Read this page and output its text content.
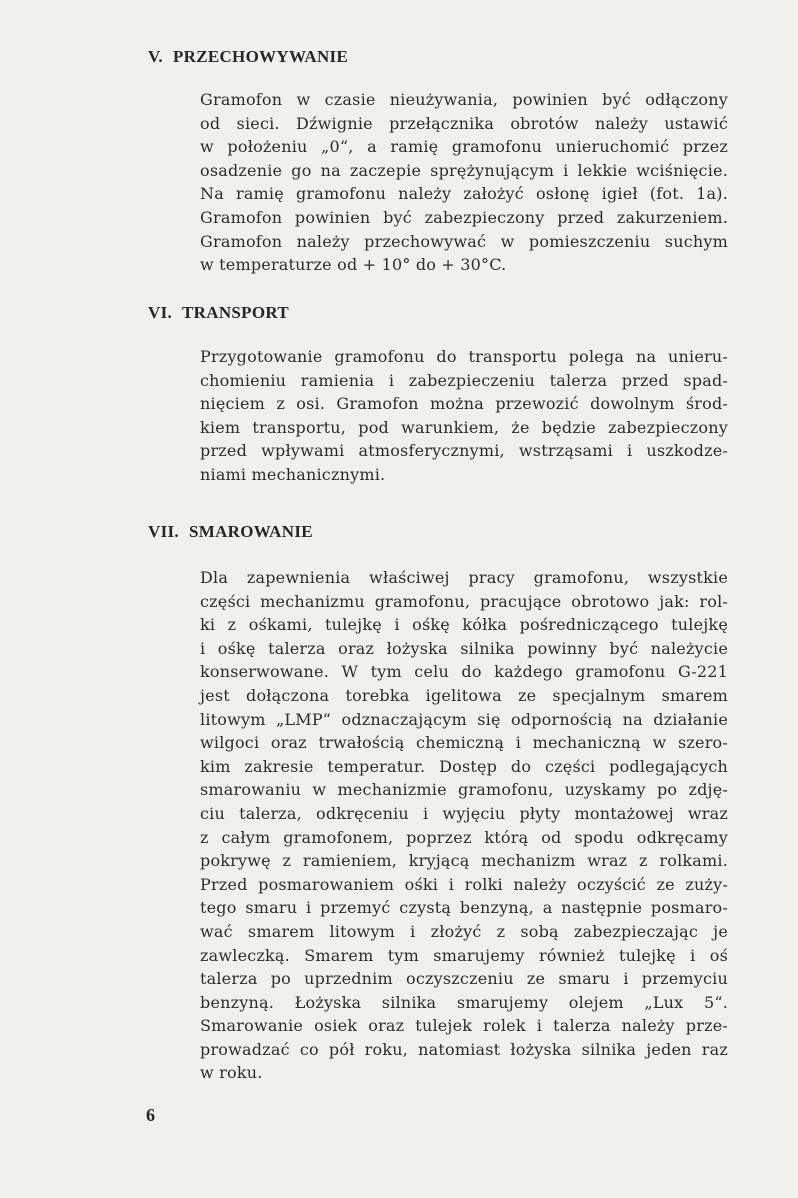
V. PRZECHOWYWANIE
Gramofon w czasie nieużywania, powinien być odłączony
od sieci. Dźwignie przełącznika obrotów należy ustawić
w położeniu „0“, a ramię gramofonu unieruchomić przez
osadzenie go na zaczepie sprężynującym i lekkie wciśnięcie.
Na ramię gramofonu należy założyć osłonę igieł (fot. 1a).
Gramofon powinien być zabezpieczony przed zakurzeniem.
Gramofon należy przechowywać w pomieszczeniu suchym
w temperaturze od + 10° do + 30°C.
VI. TRANSPORT
Przygotowanie gramofonu do transportu polega na unieru-
chomieniu ramienia i zabezpieczeniu talerza przed spad-
nięciem z osi. Gramofon można przewozić dowolnym środ-
kiem transportu, pod warunkiem, że będzie zabezpieczony
przed wpływami atmosferycznymi, wstrząsami i uszkodze-
niami mechanicznymi.
VII. SMAROWANIE
Dla zapewnienia właściwej pracy gramofonu, wszystkie
części mechanizmu gramofonu, pracujące obrotowo jak: rol-
ki z ośkami, tulejkę i ośkę kółka pośredniczącego tulejkę
i ośkę talerza oraz łożyska silnika powinny być należycie
konserwowane. W tym celu do każdego gramofonu G-221
jest dołączona torebka igelitowa ze specjalnym smarem
litowym „LMP“ odznaczającym się odpornością na działanie
wilgoci oraz trwałością chemiczną i mechaniczną w szero-
kim zakresie temperatur. Dostęp do części podlegających
smarowaniu w mechanizmie gramofonu, uzyskamy po zdję-
ciu talerza, odkręceniu i wyjęciu płyty montażowej wraz
z całym gramofonem, poprzez którą od spodu odkręcamy
pokrywę z ramieniem, kryjącą mechanizm wraz z rolkami.
Przed posmarowaniem ośki i rolki należy oczyścić ze zuży-
tego smaru i przemyć czystą benzyną, a następnie posmaro-
wać smarem litowym i złożyć z sobą zabezpieczając je
zawleczką. Smarem tym smarujemy również tulejkę i oś
talerza po uprzednim oczyszczeniu ze smaru i przemyciu
benzyną. Łożyska silnika smarujemy olejem „Lux 5“.
Smarowanie osiek oraz tulejek rolek i talerza należy prze-
prowadzać co pół roku, natomiast łożyska silnika jeden raz
w roku.
6
